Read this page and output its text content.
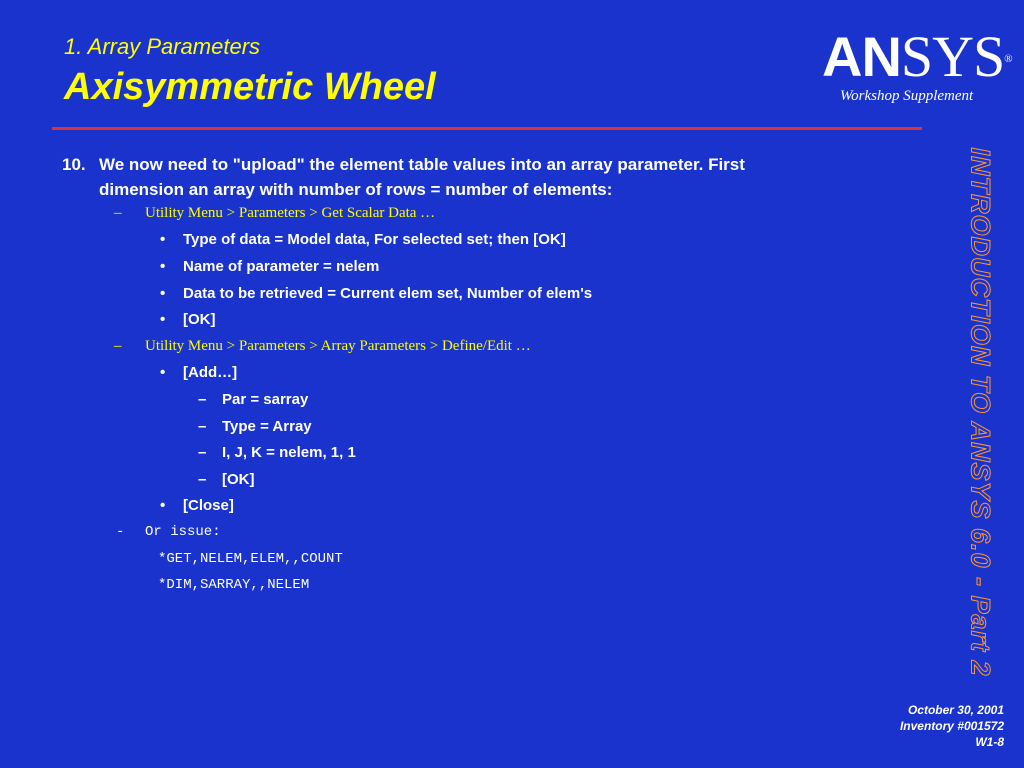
1. Array Parameters
Axisymmetric Wheel	ANSYS®
Workshop Supplement
INTRODUCTION TO ANSYS 6.0 - Part 2
10. We now need to "upload" the element table values into an array parameter. First
dimension an array with number of rows = number of elements:
– Utility Menu > Parameters > Get Scalar Data …
• Type of data = Model data, For selected set; then [OK]
• Name of parameter = nelem
• Data to be retrieved = Current elem set, Number of elem's
• [OK]
– Utility Menu > Parameters > Array Parameters > Define/Edit …
• [Add…]
– Par = sarray
– Type = Array
– I, J, K = nelem, 1, 1
– [OK]
• [Close]
- Or issue:
*GET,NELEM,ELEM,,COUNT
*DIM,SARRAY,,NELEM
October 30, 2001
Inventory #001572
W1-8
